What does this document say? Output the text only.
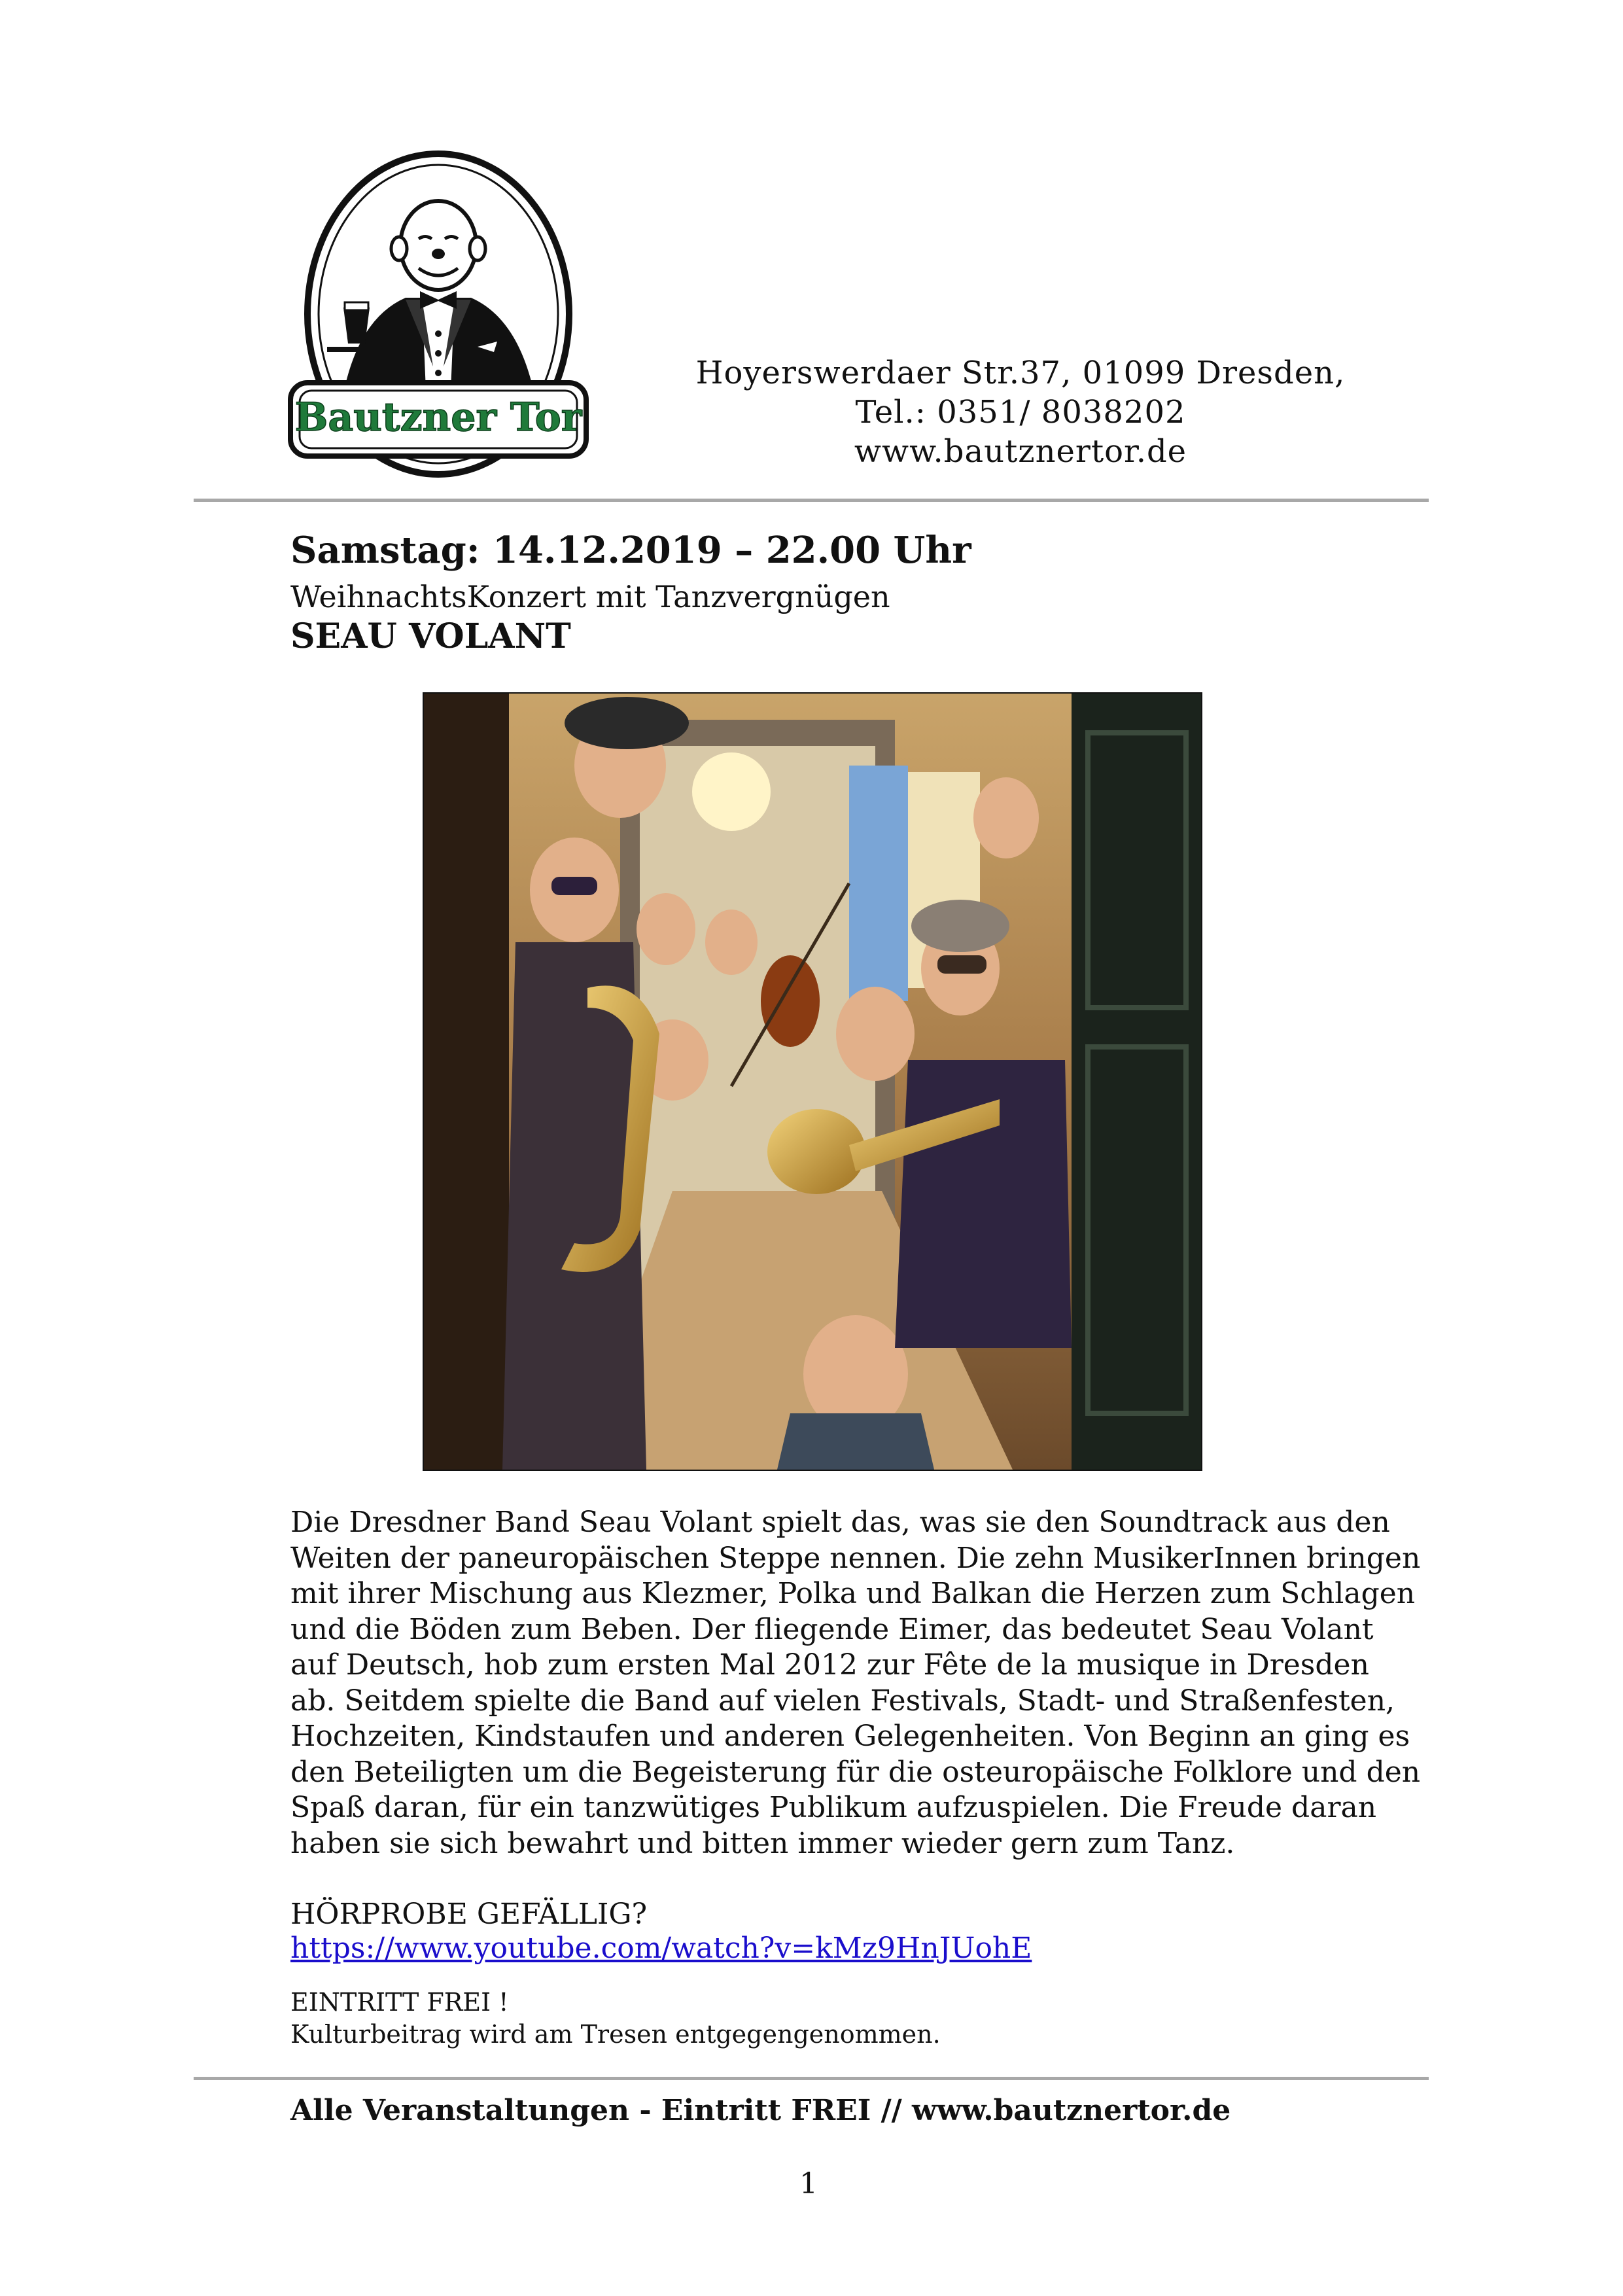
Bautzner Tor
Hoyerswerdaer Str.37, 01099 Dresden,
Tel.: 0351/ 8038202
www.bautznertor.de
Samstag: 14.12.2019 – 22.00 Uhr
WeihnachtsKonzert mit Tanzvergnügen
SEAU VOLANT
Die Dresdner Band Seau Volant spielt das, was sie den Soundtrack aus den
Weiten der paneuropäischen Steppe nennen. Die zehn MusikerInnen bringen
mit ihrer Mischung aus Klezmer, Polka und Balkan die Herzen zum Schlagen
und die Böden zum Beben. Der fliegende Eimer, das bedeutet Seau Volant
auf Deutsch, hob zum ersten Mal 2012 zur Fête de la musique in Dresden
ab. Seitdem spielte die Band auf vielen Festivals, Stadt- und Straßenfesten,
Hochzeiten, Kindstaufen und anderen Gelegenheiten. Von Beginn an ging es
den Beteiligten um die Begeisterung für die osteuropäische Folklore und den
Spaß daran, für ein tanzwütiges Publikum aufzuspielen. Die Freude daran
haben sie sich bewahrt und bitten immer wieder gern zum Tanz.
HÖRPROBE GEFÄLLIG?
https://www.youtube.com/watch?v=kMz9HnJUohE
EINTRITT FREI !
Kulturbeitrag wird am Tresen entgegengenommen.
Alle Veranstaltungen - Eintritt FREI // www.bautznertor.de
1
